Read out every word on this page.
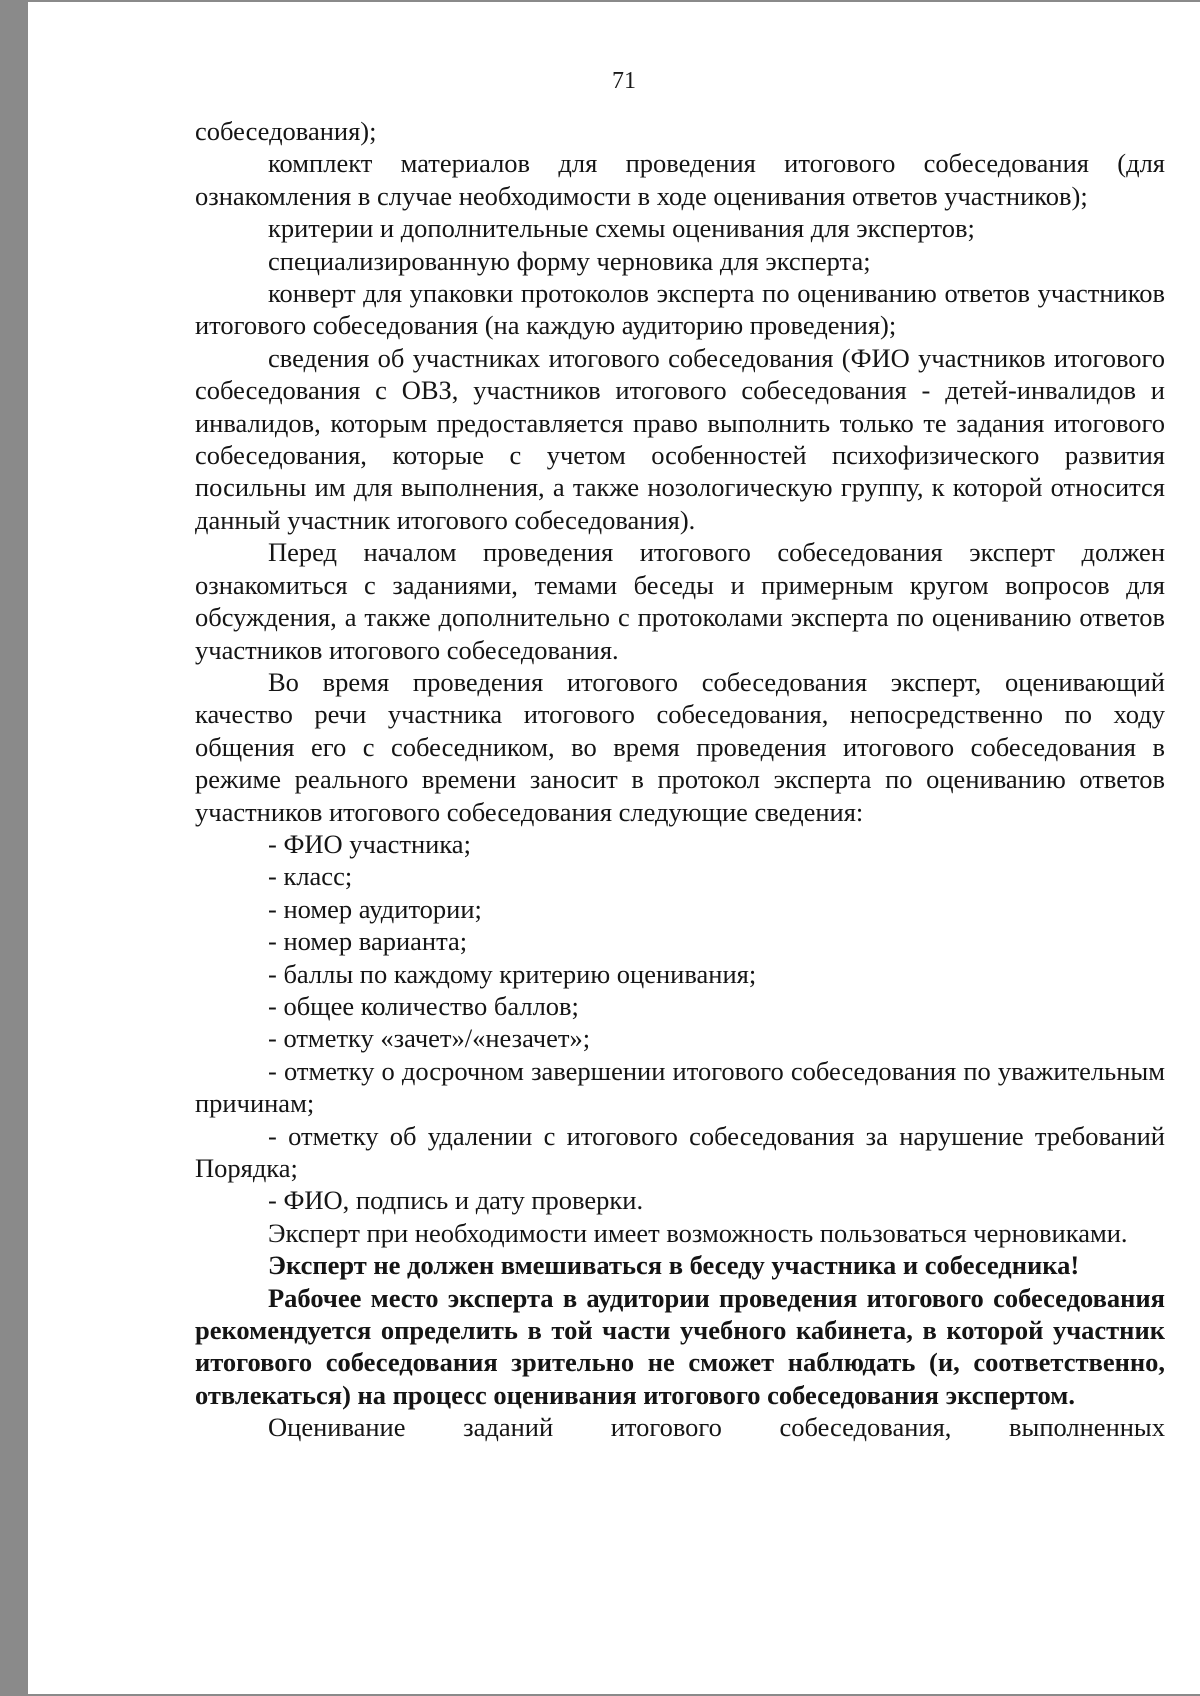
71

собеседования);

комплект материалов для проведения итогового собеседования (для ознакомления в случае необходимости в ходе оценивания ответов участников);

критерии и дополнительные схемы оценивания для экспертов;

специализированную форму черновика для эксперта;

конверт для упаковки протоколов эксперта по оцениванию ответов участников итогового собеседования (на каждую аудиторию проведения);

сведения об участниках итогового собеседования (ФИО участников итогового собеседования с ОВЗ, участников итогового собеседования - детей-инвалидов и инвалидов, которым предоставляется право выполнить только те задания итогового собеседования, которые с учетом особенностей психофизического развития посильны им для выполнения, а также нозологическую группу, к которой относится данный участник итогового собеседования).

Перед началом проведения итогового собеседования эксперт должен ознакомиться с заданиями, темами беседы и примерным кругом вопросов для обсуждения, а также дополнительно с протоколами эксперта по оцениванию ответов участников итогового собеседования.

Во время проведения итогового собеседования эксперт, оценивающий качество речи участника итогового собеседования, непосредственно по ходу общения его с собеседником, во время проведения итогового собеседования в режиме реального времени заносит в протокол эксперта по оцениванию ответов участников итогового собеседования следующие сведения:

- ФИО участника;

- класс;

- номер аудитории;

- номер варианта;

- баллы по каждому критерию оценивания;

- общее количество баллов;

- отметку «зачет»/«незачет»;

- отметку о досрочном завершении итогового собеседования по уважительным причинам;

- отметку об удалении с итогового собеседования за нарушение требований Порядка;

- ФИО, подпись и дату проверки.

Эксперт при необходимости имеет возможность пользоваться черновиками.

Эксперт не должен вмешиваться в беседу участника и собеседника!

Рабочее место эксперта в аудитории проведения итогового собеседования рекомендуется определить в той части учебного кабинета, в которой участник итогового собеседования зрительно не сможет наблюдать (и, соответственно, отвлекаться) на процесс оценивания итогового собеседования экспертом.

Оценивание заданий итогового собеседования, выполненных
